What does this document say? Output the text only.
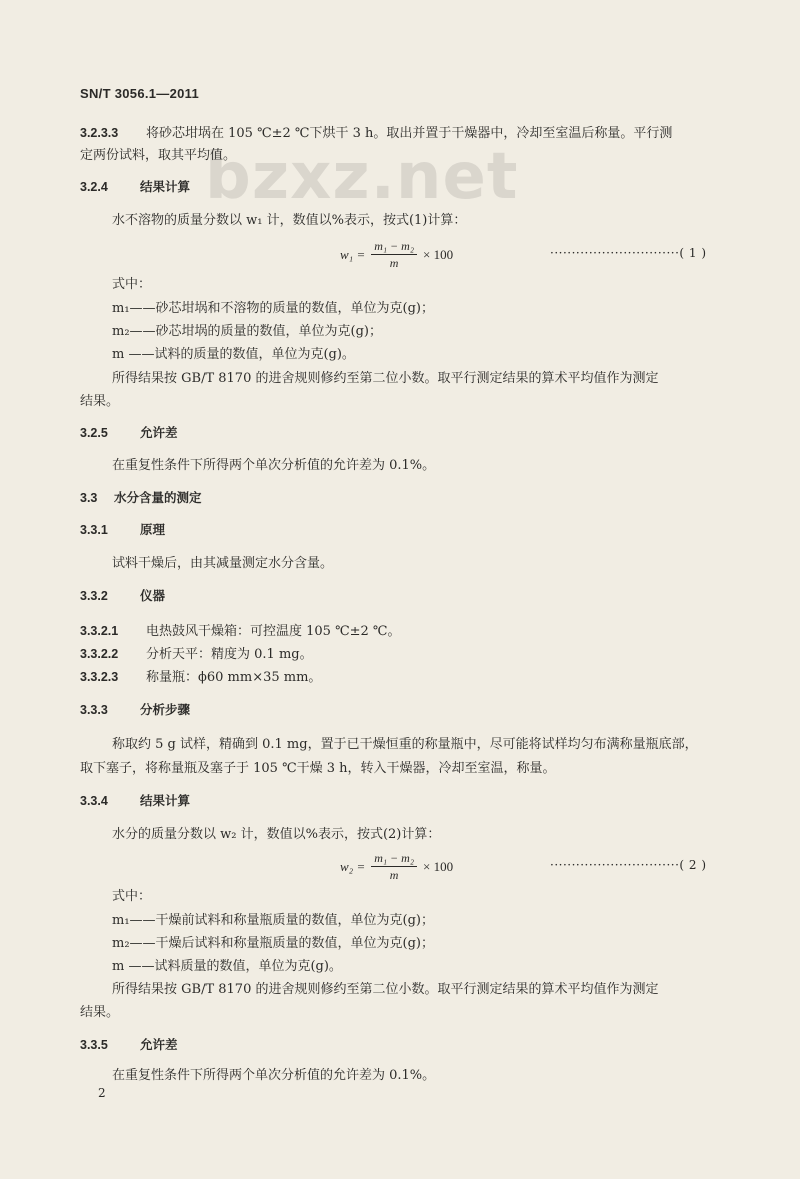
SN/T 3056.1—2011
bzxz.net
3.2.3.3 将砂芯坩埚在 105 ℃±2 ℃下烘干 3 h。取出并置于干燥器中，冷却至室温后称量。平行测
定两份试料，取其平均值。
3.2.4	结果计算
水不溶物的质量分数以 w₁ 计，数值以%表示，按式(1)计算：
$w_1 = \frac{\text{m₁ − m₂}}{m} \times 100$	······························( 1 )
式中：
m₁——砂芯坩埚和不溶物的质量的数值，单位为克(g)；
m₂——砂芯坩埚的质量的数值，单位为克(g)；
m ——试料的质量的数值，单位为克(g)。
所得结果按 GB/T 8170 的进舍规则修约至第二位小数。取平行测定结果的算术平均值作为测定
结果。
3.2.5	允许差
在重复性条件下所得两个单次分析值的允许差为 0.1%。
3.3 水分含量的测定
3.3.1	原理
试料干燥后，由其减量测定水分含量。
3.3.2	仪器
3.3.2.1 电热鼓风干燥箱：可控温度 105 ℃±2 ℃。
3.3.2.2 分析天平：精度为 0.1 mg。
3.3.2.3 称量瓶：ϕ60 mm×35 mm。
3.3.3	分析步骤
称取约 5 g 试样，精确到 0.1 mg，置于已干燥恒重的称量瓶中，尽可能将试样均匀布满称量瓶底部，
取下塞子，将称量瓶及塞子于 105 ℃干燥 3 h，转入干燥器，冷却至室温，称量。
3.3.4	结果计算
水分的质量分数以 w₂ 计，数值以%表示，按式(2)计算：
$w_2 = \frac{\text{m₁ − m₂}}{m} \times 100$	······························( 2 )
式中：
m₁——干燥前试料和称量瓶质量的数值，单位为克(g)；
m₂——干燥后试料和称量瓶质量的数值，单位为克(g)；
m ——试料质量的数值，单位为克(g)。
所得结果按 GB/T 8170 的进舍规则修约至第二位小数。取平行测定结果的算术平均值作为测定
结果。
3.3.5	允许差
在重复性条件下所得两个单次分析值的允许差为 0.1%。
2
